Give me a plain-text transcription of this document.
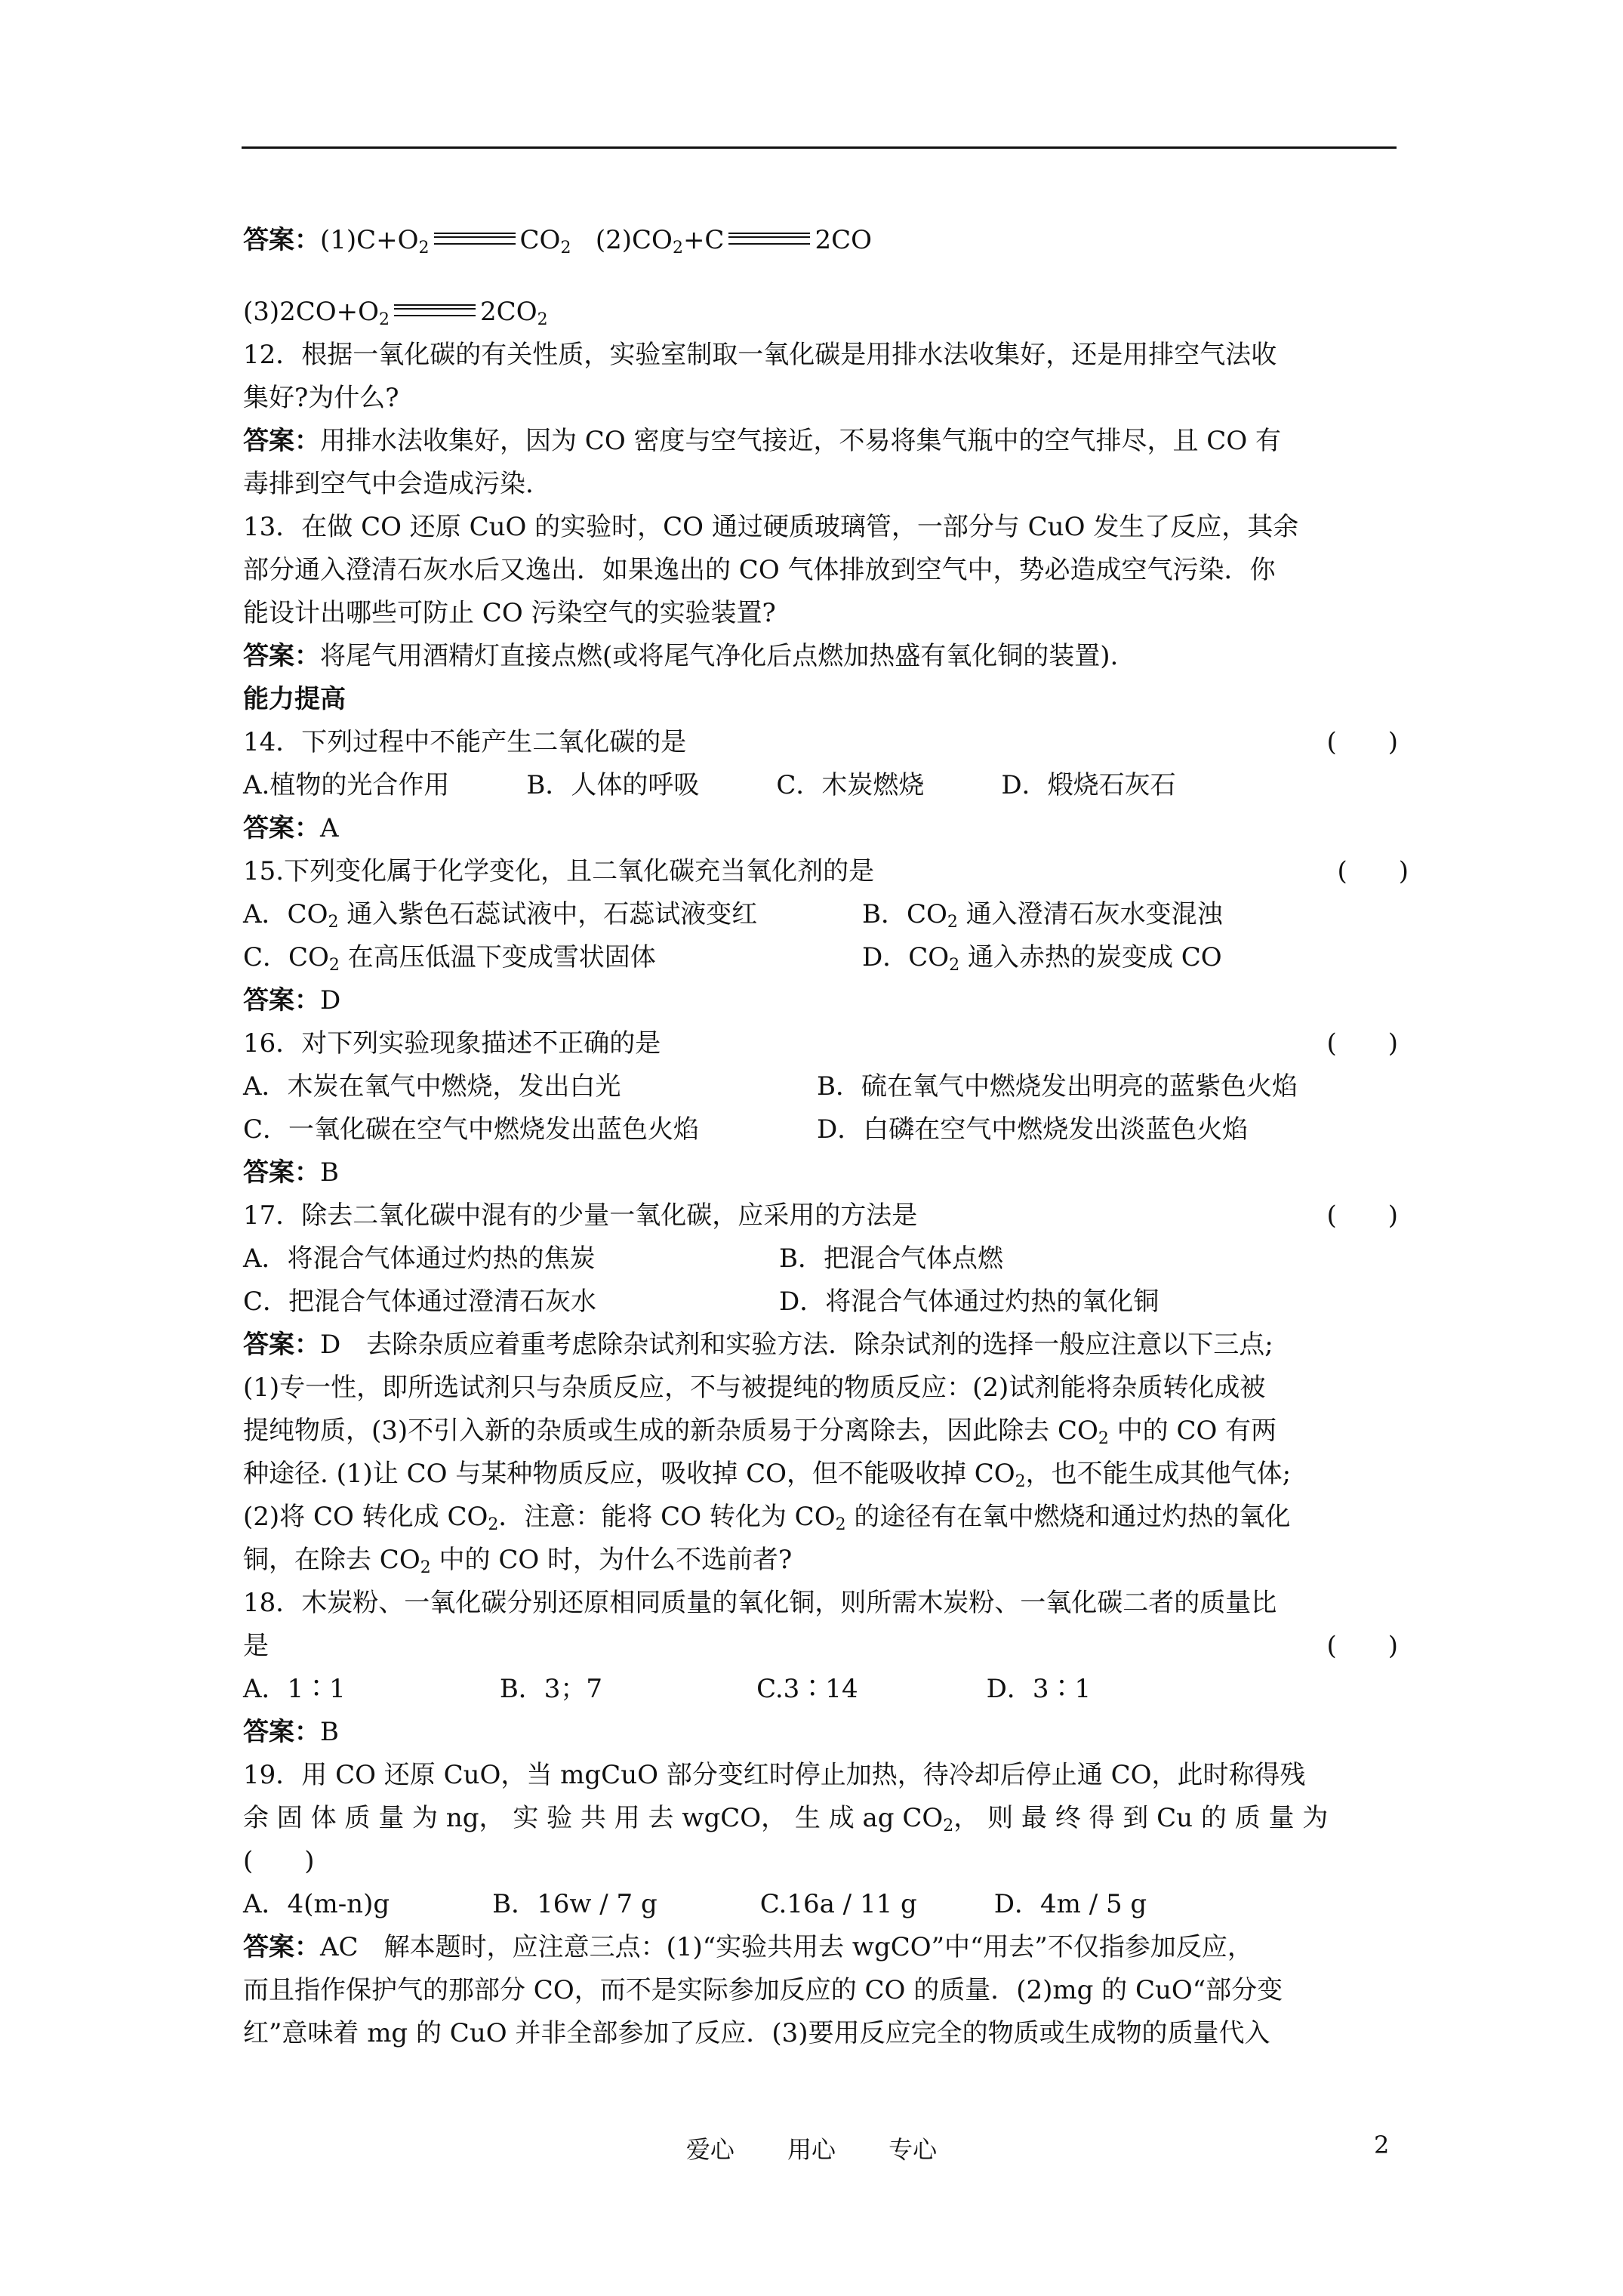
答案：$(1)C+O_2$	$CO_2$ $(2)CO_2+C$	2CO
$(3)2CO+O_2$	$2CO_2$
12．根据一氧化碳的有关性质，实验室制取一氧化碳是用排水法收集好，还是用排空气法收
集好?为什么?
答案：用排水法收集好，因为 CO 密度与空气接近，不易将集气瓶中的空气排尽，且 CO 有
毒排到空气中会造成污染.
13．在做 CO 还原 CuO 的实验时，CO 通过硬质玻璃管，一部分与 CuO 发生了反应，其余
部分通入澄清石灰水后又逸出．如果逸出的 CO 气体排放到空气中，势必造成空气污染．你
能设计出哪些可防止 CO 污染空气的实验装置?
答案：将尾气用酒精灯直接点燃(或将尾气净化后点燃加热盛有氧化铜的装置).
能力提高
14．下列过程中不能产生二氧化碳的是	(　　)
A.植物的光合作用　　　B．人体的呼吸　　　C．木炭燃烧　　　D．煅烧石灰石
答案：A
15.下列变化属于化学变化，且二氧化碳充当氧化剂的是	(　　)
A．$CO_2$ 通入紫色石蕊试液中，石蕊试液变红	B．$CO_2$ 通入澄清石灰水变混浊
C．$CO_2$ 在高压低温下变成雪状固体	D．$CO_2$ 通入赤热的炭变成 CO
答案：D
16．对下列实验现象描述不正确的是	(　　)
A．木炭在氧气中燃烧，发出白光	B．硫在氧气中燃烧发出明亮的蓝紫色火焰
C．一氧化碳在空气中燃烧发出蓝色火焰	D．白磷在空气中燃烧发出淡蓝色火焰
答案：B
17．除去二氧化碳中混有的少量一氧化碳，应采用的方法是	(　　)
A．将混合气体通过灼热的焦炭	B．把混合气体点燃
C．把混合气体通过澄清石灰水	D．将混合气体通过灼热的氧化铜
答案：D　去除杂质应着重考虑除杂试剂和实验方法．除杂试剂的选择一般应注意以下三点;
(1)专一性，即所选试剂只与杂质反应，不与被提纯的物质反应：(2)试剂能将杂质转化成被
提纯物质，(3)不引入新的杂质或生成的新杂质易于分离除去，因此除去 $CO_2$ 中的 CO 有两
种途径. (1)让 CO 与某种物质反应，吸收掉 CO，但不能吸收掉 $CO_2$，也不能生成其他气体;
(2)将 CO 转化成 $CO_2$．注意：能将 CO 转化为 $CO_2$ 的途径有在氧中燃烧和通过灼热的氧化
铜，在除去 $CO_2$ 中的 CO 时，为什么不选前者?
18．木炭粉、一氧化碳分别还原相同质量的氧化铜，则所需木炭粉、一氧化碳二者的质量比
是	(　　)
A．1∶1　　　　　　B．3；7　　　　　　C.3∶14　　　　　D．3∶1
答案：B
19．用 CO 还原 CuO，当 mgCuO 部分变红时停止加热，待冷却后停止通 CO，此时称得残
余 固 体 质 量 为 ng， 实 验 共 用 去 wgCO， 生 成 ag $CO_2$， 则 最 终 得 到 Cu 的 质 量 为
(　　)
A．4(m-n)g　　　　B．16w / 7 g　　　　C.16a / 11 g　　　D．4m / 5 g
答案：AC　解本题时，应注意三点：(1)“实验共用去 wgCO”中“用去”不仅指参加反应，
而且指作保护气的那部分 CO，而不是实际参加反应的 CO 的质量．(2)mg 的 CuO“部分变
红”意味着 mg 的 CuO 并非全部参加了反应．(3)要用反应完全的物质或生成物的质量代入
爱心 用心 专心	2
